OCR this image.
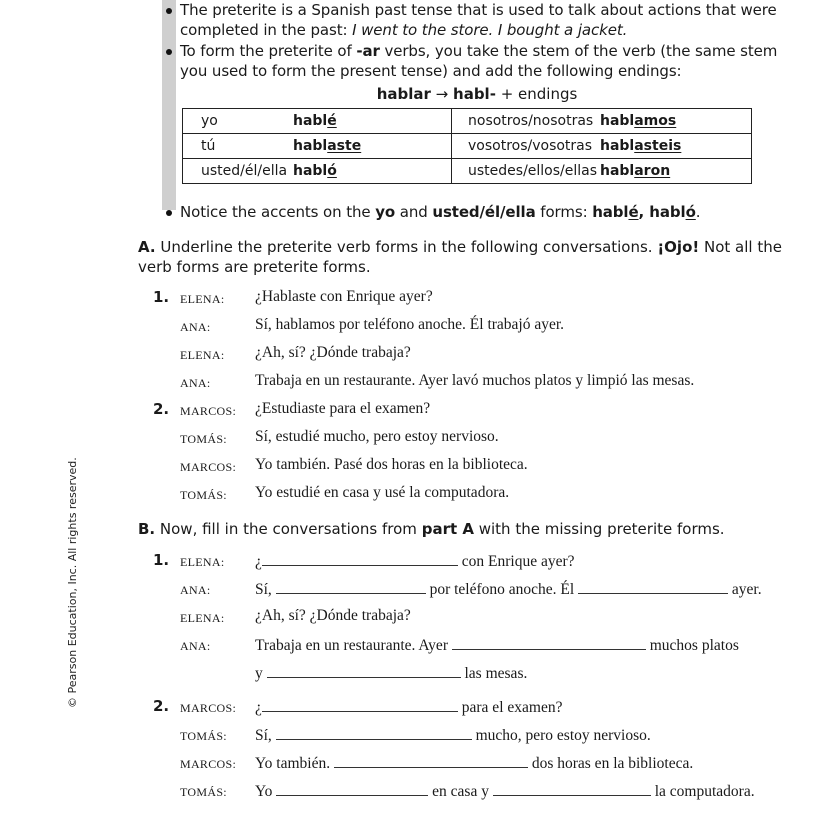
The preterite is a Spanish past tense that is used to talk about actions that were
completed in the past: I went to the store. I bought a jacket.
To form the preterite of -ar verbs, you take the stem of the verb (the same stem
you used to form the present tense) and add the following endings:
hablar → habl- + endings
yo	hablé	nosotros/nosotras	hablamos
tú	hablaste	vosotros/vosotras	hablasteis
usted/él/ella	habló	ustedes/ellos/ellas	hablaron
Notice the accents on the yo and usted/él/ella forms: hablé, habló.
A. Underline the preterite verb forms in the following conversations. ¡Ojo! Not all the
verb forms are preterite forms.
1. ELENA: ¿Hablaste con Enrique ayer?
ANA:	Sí, hablamos por teléfono anoche. Él trabajó ayer.
ELENA: ¿Ah, sí? ¿Dónde trabaja?
ANA:	Trabaja en un restaurante. Ayer lavó muchos platos y limpió las mesas.
2. MARCOS: ¿Estudiaste para el examen?
TOMÁS: Sí, estudié mucho, pero estoy nervioso.
MARCOS: Yo también. Pasé dos horas en la biblioteca.
TOMÁS: Yo estudié en casa y usé la computadora.
B. Now, fill in the conversations from part A with the missing preterite forms.
1. ELENA: ¿	con Enrique ayer?
ANA:	Sí,	por teléfono anoche. Él	ayer.
ELENA: ¿Ah, sí? ¿Dónde trabaja?
ANA:	Trabaja en un restaurante. Ayer	muchos platos
y	las mesas.
2. MARCOS: ¿	para el examen?
TOMÁS: Sí,	mucho, pero estoy nervioso.
MARCOS: Yo también.	dos horas en la biblioteca.
TOMÁS: Yo	en casa y	la computadora.
© Pearson Education, Inc. All rights reserved.
